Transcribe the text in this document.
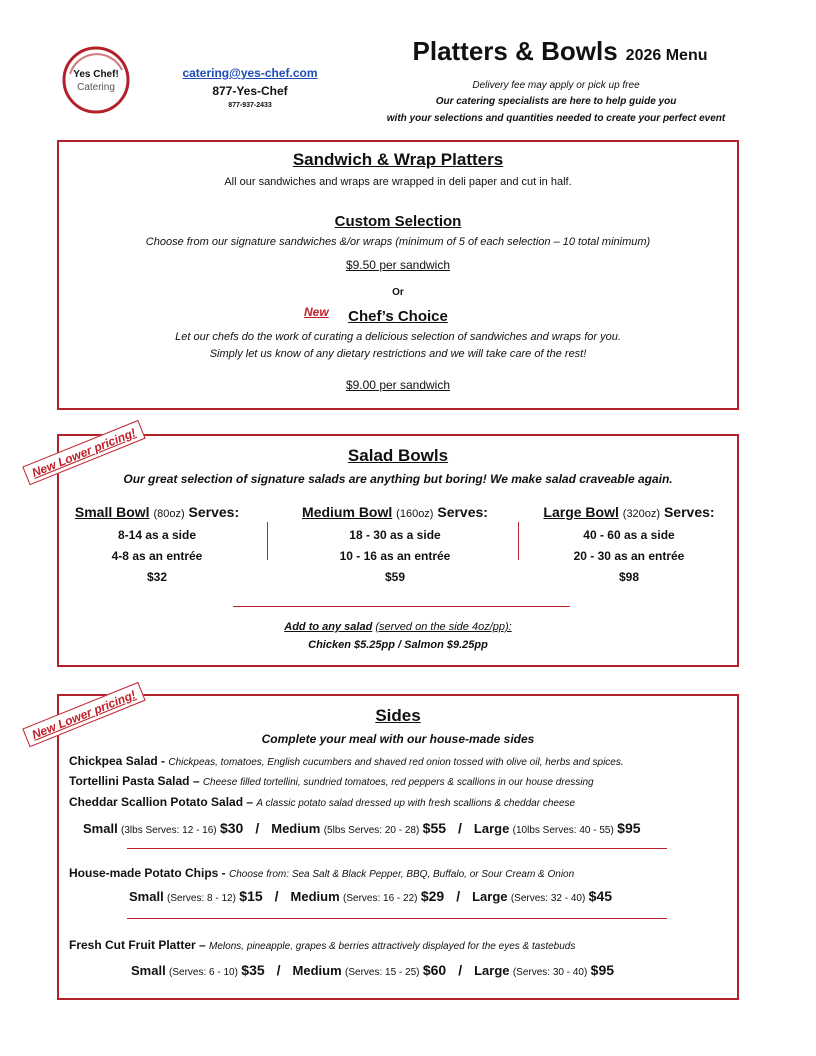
Yes Chef!
Catering
catering@yes-chef.com
877-Yes-Chef
877-937-2433
Platters & Bowls 2026 Menu
Delivery fee may apply or pick up free
Our catering specialists are here to help guide you
with your selections and quantities needed to create your perfect event
Sandwich & Wrap Platters
All our sandwiches and wraps are wrapped in deli paper and cut in half.
Custom Selection
Choose from our signature sandwiches &/or wraps (minimum of 5 of each selection – 10 total minimum)
$9.50 per sandwich
Or
New	Chef’s Choice
Let our chefs do the work of curating a delicious selection of sandwiches and wraps for you.
Simply let us know of any dietary restrictions and we will take care of the rest!
$9.00 per sandwich
New Lower pricing!	Salad Bowls
Our great selection of signature salads are anything but boring! We make salad craveable again.
Small Bowl (80oz) Serves:
8-14 as a side
4-8 as an entrée
$32
Medium Bowl (160oz) Serves:
18 - 30 as a side
10 - 16 as an entrée
$59
Large Bowl (320oz) Serves:
40 - 60 as a side
20 - 30 as an entrée
$98
Add to any salad (served on the side 4oz/pp):
Chicken $5.25pp / Salmon $9.25pp
New Lower pricing!	Sides
Complete your meal with our house-made sides
Chickpea Salad - Chickpeas, tomatoes, English cucumbers and shaved red onion tossed with olive oil, herbs and spices.
Tortellini Pasta Salad – Cheese filled tortellini, sundried tomatoes, red peppers & scallions in our house dressing
Cheddar Scallion Potato Salad – A classic potato salad dressed up with fresh scallions & cheddar cheese
Small (3lbs Serves: 12 - 16) $30 / Medium (5lbs Serves: 20 - 28) $55 / Large (10lbs Serves: 40 - 55) $95
House-made Potato Chips - Choose from: Sea Salt & Black Pepper, BBQ, Buffalo, or Sour Cream & Onion
Small (Serves: 8 - 12) $15 / Medium (Serves: 16 - 22) $29 / Large (Serves: 32 - 40) $45
Fresh Cut Fruit Platter – Melons, pineapple, grapes & berries attractively displayed for the eyes & tastebuds
Small (Serves: 6 - 10) $35 / Medium (Serves: 15 - 25) $60 / Large (Serves: 30 - 40) $95
